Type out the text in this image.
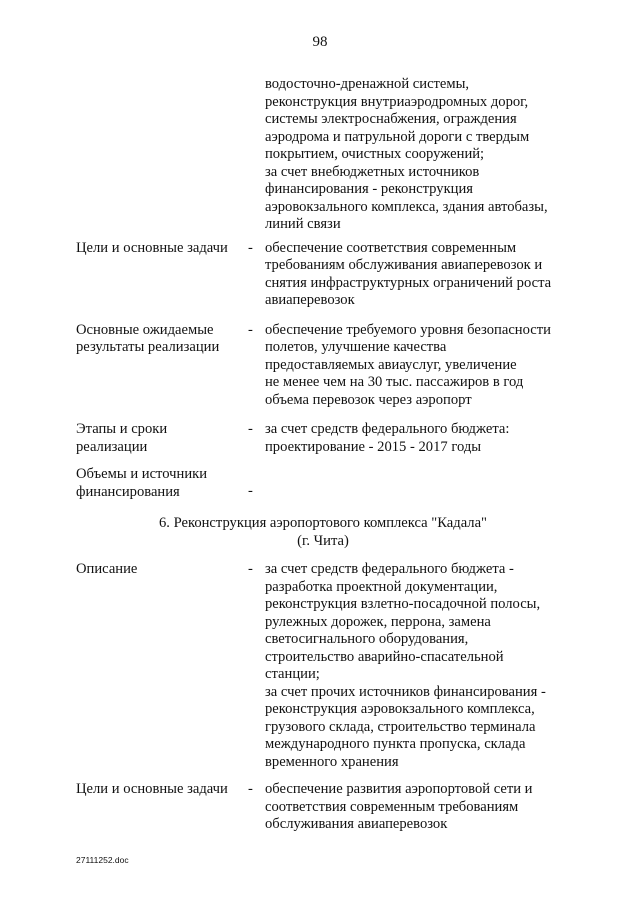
98
водосточно-дренажной системы,
реконструкция внутриаэродромных дорог,
системы электроснабжения, ограждения
аэродрома и патрульной дороги с твердым
покрытием, очистных сооружений;
за счет внебюджетных источников
финансирования - реконструкция
аэровокзального комплекса, здания автобазы,
линий связи
Цели и основные задачи	- обеспечение соответствия современным
требованиям обслуживания авиаперевозок и
снятия инфраструктурных ограничений роста
авиаперевозок
Основные ожидаемые
результаты реализации
- обеспечение требуемого уровня безопасности
полетов, улучшение качества
предоставляемых авиауслуг, увеличение
не менее чем на 30 тыс. пассажиров в год
объема перевозок через аэропорт
Этапы и сроки
реализации
- за счет средств федерального бюджета:
проектирование - 2015 - 2017 годы
Объемы и источники
финансирования	-
6. Реконструкция аэропортового комплекса "Кадала"
(г. Чита)
Описание	- за счет средств федерального бюджета -
разработка проектной документации,
реконструкция взлетно-посадочной полосы,
рулежных дорожек, перрона, замена
светосигнального оборудования,
строительство аварийно-спасательной
станции;
за счет прочих источников финансирования -
реконструкция аэровокзального комплекса,
грузового склада, строительство терминала
международного пункта пропуска, склада
временного хранения
Цели и основные задачи	- обеспечение развития аэропортовой сети и
соответствия современным требованиям
обслуживания авиаперевозок
27111252.doc
